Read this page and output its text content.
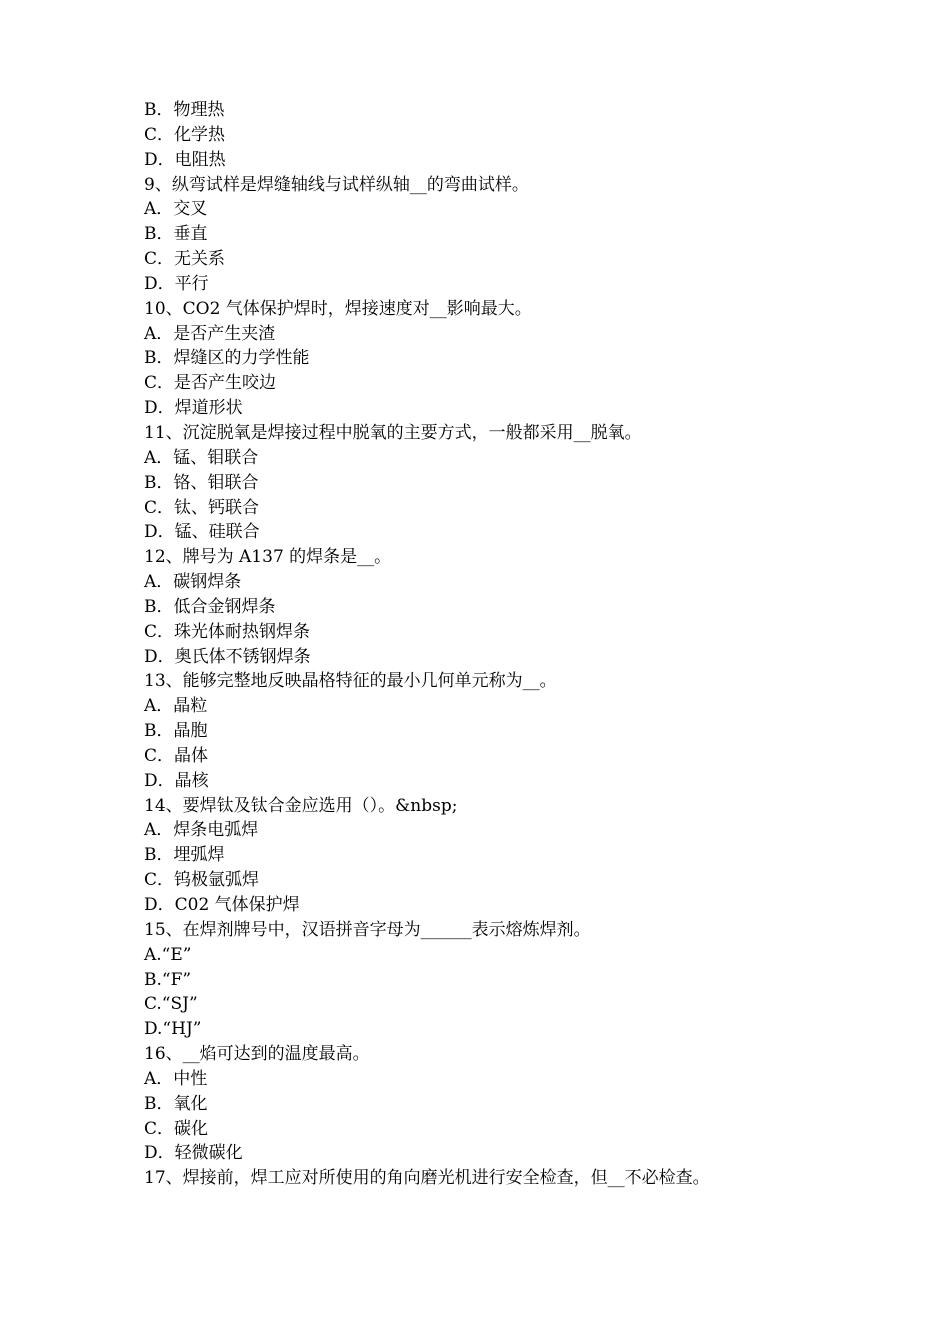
B．物理热
C．化学热
D．电阻热
9、纵弯试样是焊缝轴线与试样纵轴__的弯曲试样。
A．交叉
B．垂直
C．无关系
D．平行
10、CO2 气体保护焊时，焊接速度对__影响最大。
A．是否产生夹渣
B．焊缝区的力学性能
C．是否产生咬边
D．焊道形状
11、沉淀脱氧是焊接过程中脱氧的主要方式，一般都采用__脱氧。
A．锰、钼联合
B．铬、钼联合
C．钛、钙联合
D．锰、硅联合
12、牌号为 A137 的焊条是__。
A．碳钢焊条
B．低合金钢焊条
C．珠光体耐热钢焊条
D．奥氏体不锈钢焊条
13、能够完整地反映晶格特征的最小几何单元称为__。
A．晶粒
B．晶胞
C．晶体
D．晶核
14、要焊钛及钛合金应选用（）。&nbsp;
A．焊条电弧焊
B．埋弧焊
C．钨极氩弧焊
D．C02 气体保护焊
15、在焊剂牌号中，汉语拼音字母为______表示熔炼焊剂。
A.“E”
B.“F”
C.“SJ”
D.“HJ”
16、__焰可达到的温度最高。
A．中性
B．氧化
C．碳化
D．轻微碳化
17、焊接前，焊工应对所使用的角向磨光机进行安全检查，但__不必检查。
